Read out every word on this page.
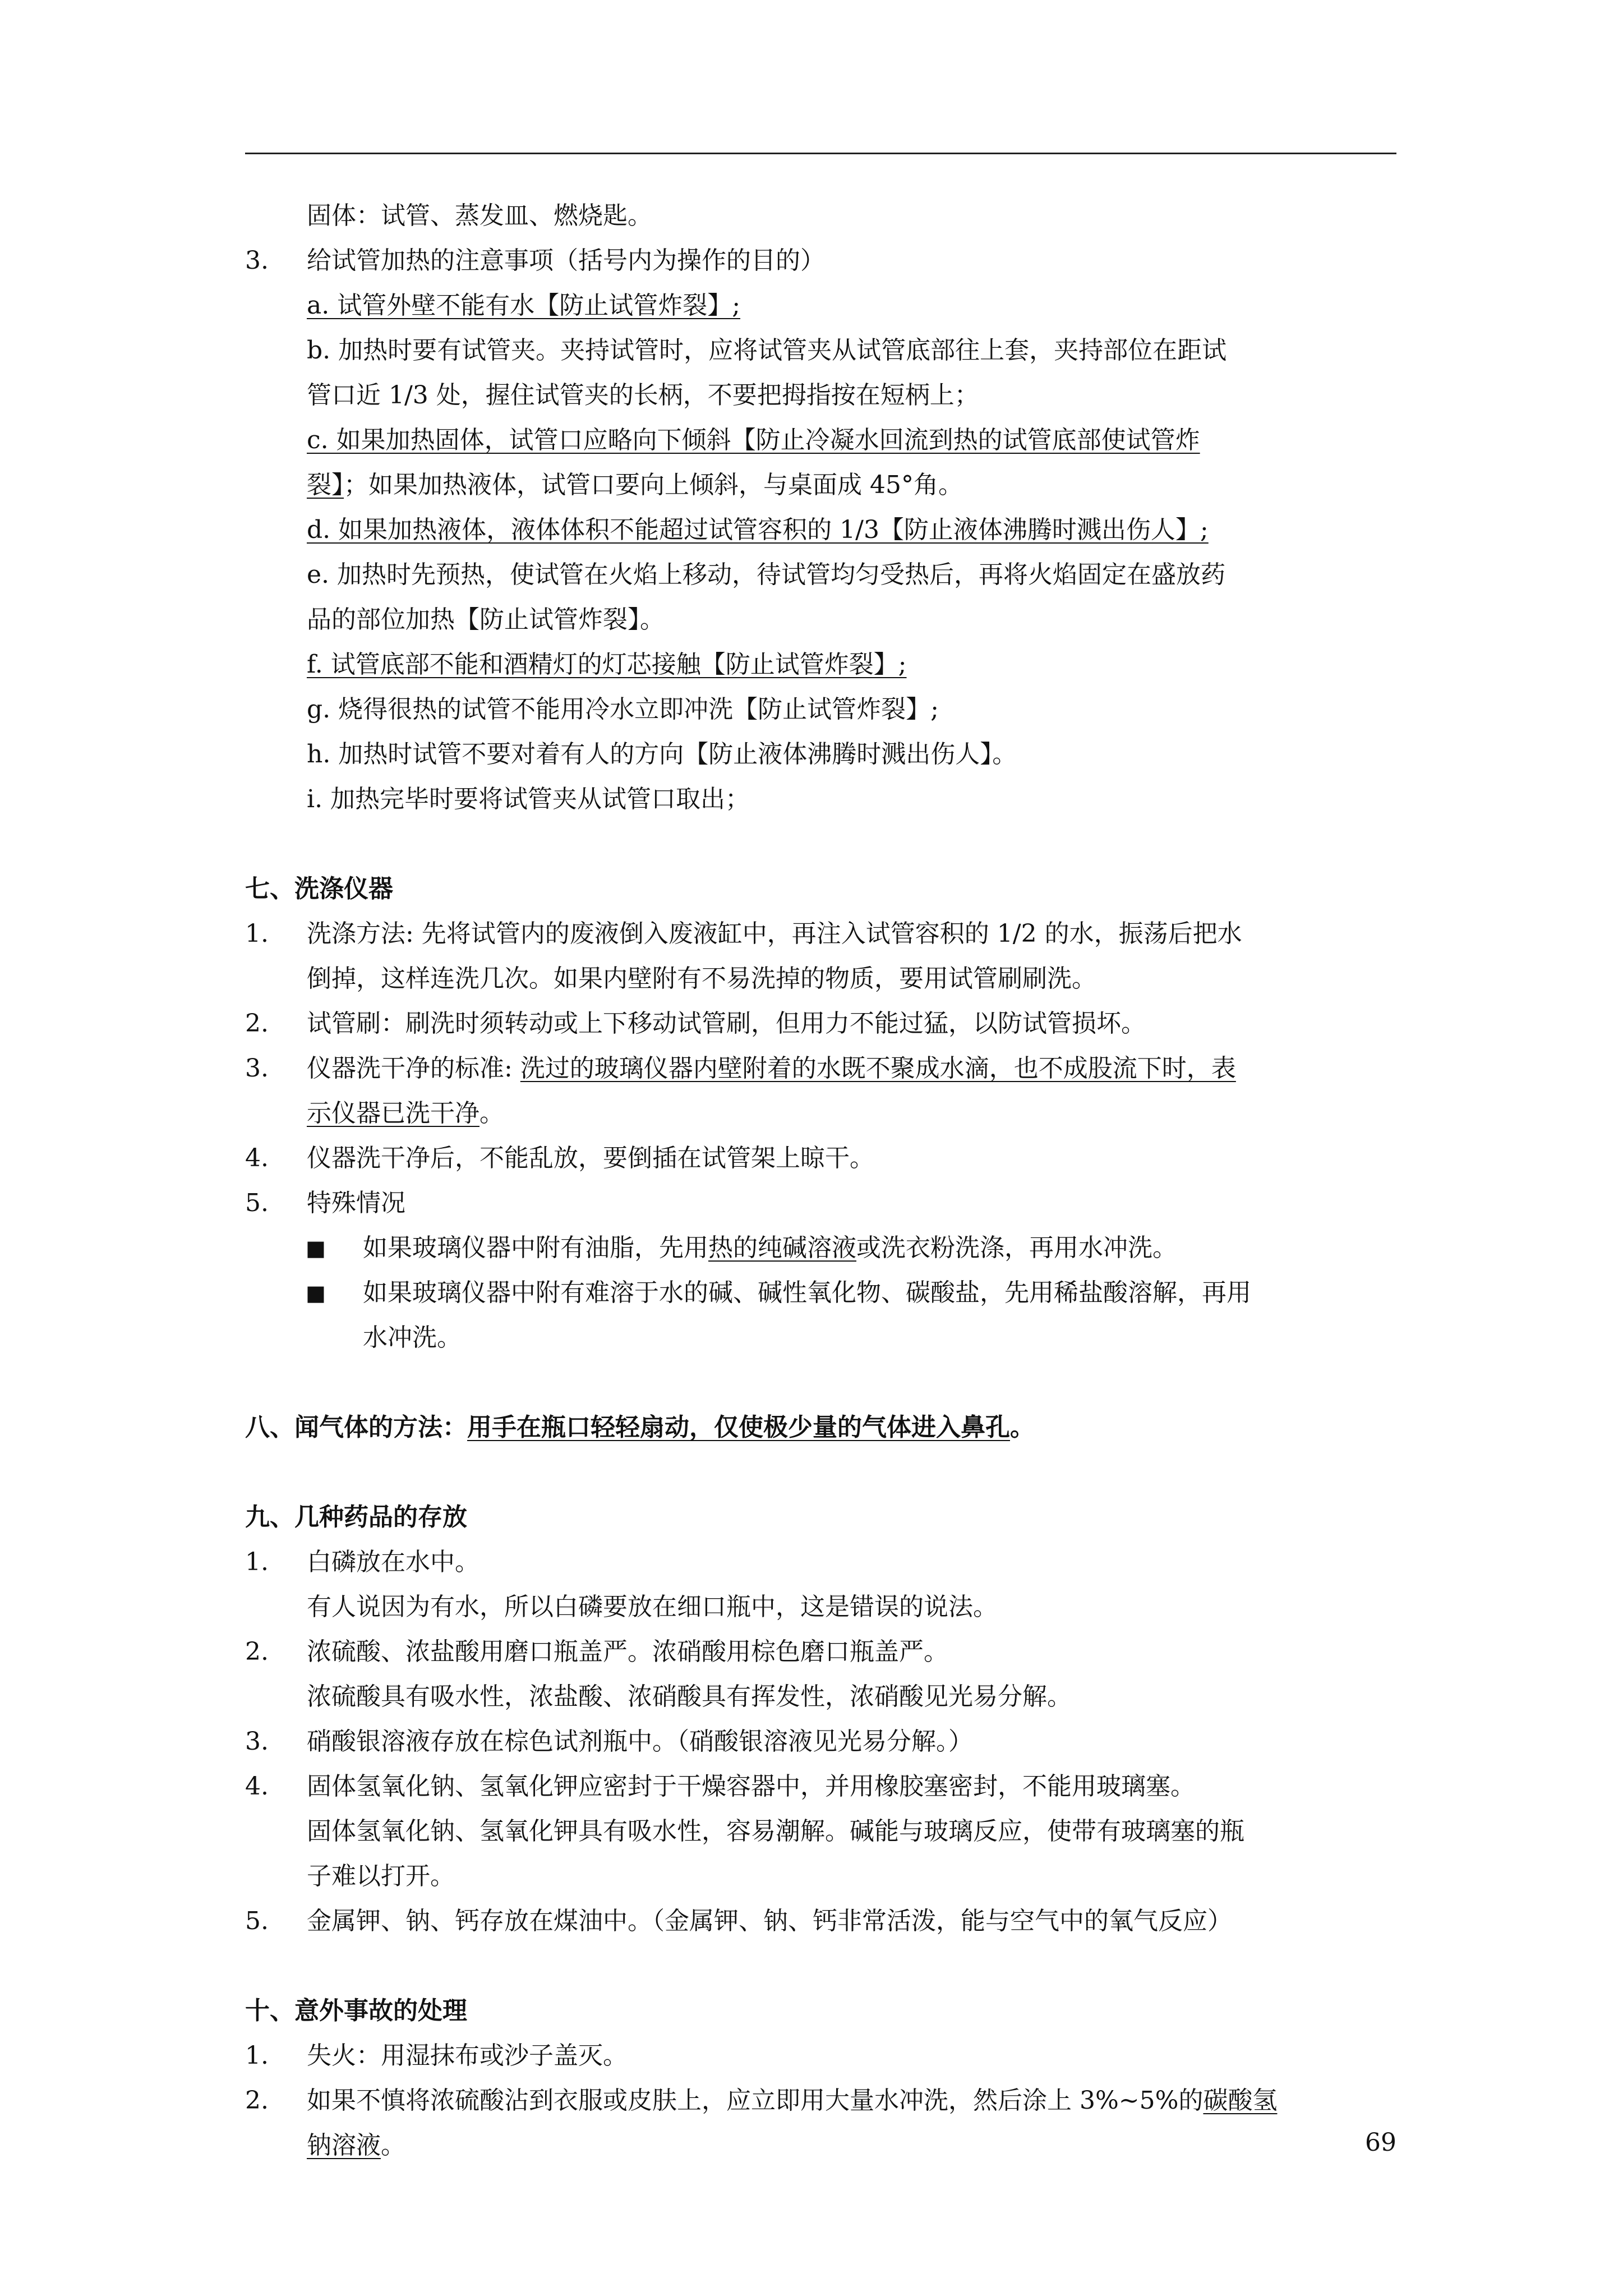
固体：试管、蒸发皿、燃烧匙。
3. 给试管加热的注意事项（括号内为操作的目的）
a. 试管外壁不能有水【防止试管炸裂】;
b. 加热时要有试管夹。夹持试管时，应将试管夹从试管底部往上套，夹持部位在距试
管口近 1/3 处，握住试管夹的长柄，不要把拇指按在短柄上；
c. 如果加热固体，试管口应略向下倾斜【防止冷凝水回流到热的试管底部使试管炸
裂】；如果加热液体，试管口要向上倾斜，与桌面成 45°角。
d. 如果加热液体，液体体积不能超过试管容积的 1/3【防止液体沸腾时溅出伤人】;
e. 加热时先预热，使试管在火焰上移动，待试管均匀受热后，再将火焰固定在盛放药
品的部位加热【防止试管炸裂】。
f. 试管底部不能和酒精灯的灯芯接触【防止试管炸裂】;
g. 烧得很热的试管不能用冷水立即冲洗【防止试管炸裂】;
h. 加热时试管不要对着有人的方向【防止液体沸腾时溅出伤人】。
i. 加热完毕时要将试管夹从试管口取出；
七、洗涤仪器
1. 洗涤方法: 先将试管内的废液倒入废液缸中，再注入试管容积的 1/2 的水，振荡后把水
倒掉，这样连洗几次。如果内壁附有不易洗掉的物质，要用试管刷刷洗。
2. 试管刷：刷洗时须转动或上下移动试管刷，但用力不能过猛，以防试管损坏。
3. 仪器洗干净的标准: 洗过的玻璃仪器内壁附着的水既不聚成水滴，也不成股流下时，表
示仪器已洗干净。
4. 仪器洗干净后，不能乱放，要倒插在试管架上晾干。
5. 特殊情况
■ 如果玻璃仪器中附有油脂，先用热的纯碱溶液或洗衣粉洗涤，再用水冲洗。
■ 如果玻璃仪器中附有难溶于水的碱、碱性氧化物、碳酸盐，先用稀盐酸溶解，再用
水冲洗。
八、闻气体的方法：用手在瓶口轻轻扇动，仅使极少量的气体进入鼻孔。
九、几种药品的存放
1. 白磷放在水中。
有人说因为有水，所以白磷要放在细口瓶中，这是错误的说法。
2. 浓硫酸、浓盐酸用磨口瓶盖严。浓硝酸用棕色磨口瓶盖严。
浓硫酸具有吸水性，浓盐酸、浓硝酸具有挥发性，浓硝酸见光易分解。
3. 硝酸银溶液存放在棕色试剂瓶中。（硝酸银溶液见光易分解。）
4. 固体氢氧化钠、氢氧化钾应密封于干燥容器中，并用橡胶塞密封，不能用玻璃塞。
固体氢氧化钠、氢氧化钾具有吸水性，容易潮解。碱能与玻璃反应，使带有玻璃塞的瓶
子难以打开。
5. 金属钾、钠、钙存放在煤油中。（金属钾、钠、钙非常活泼，能与空气中的氧气反应）
十、意外事故的处理
1. 失火：用湿抹布或沙子盖灭。
2. 如果不慎将浓硫酸沾到衣服或皮肤上，应立即用大量水冲洗，然后涂上 3%~5%的碳酸氢
钠溶液。	69
